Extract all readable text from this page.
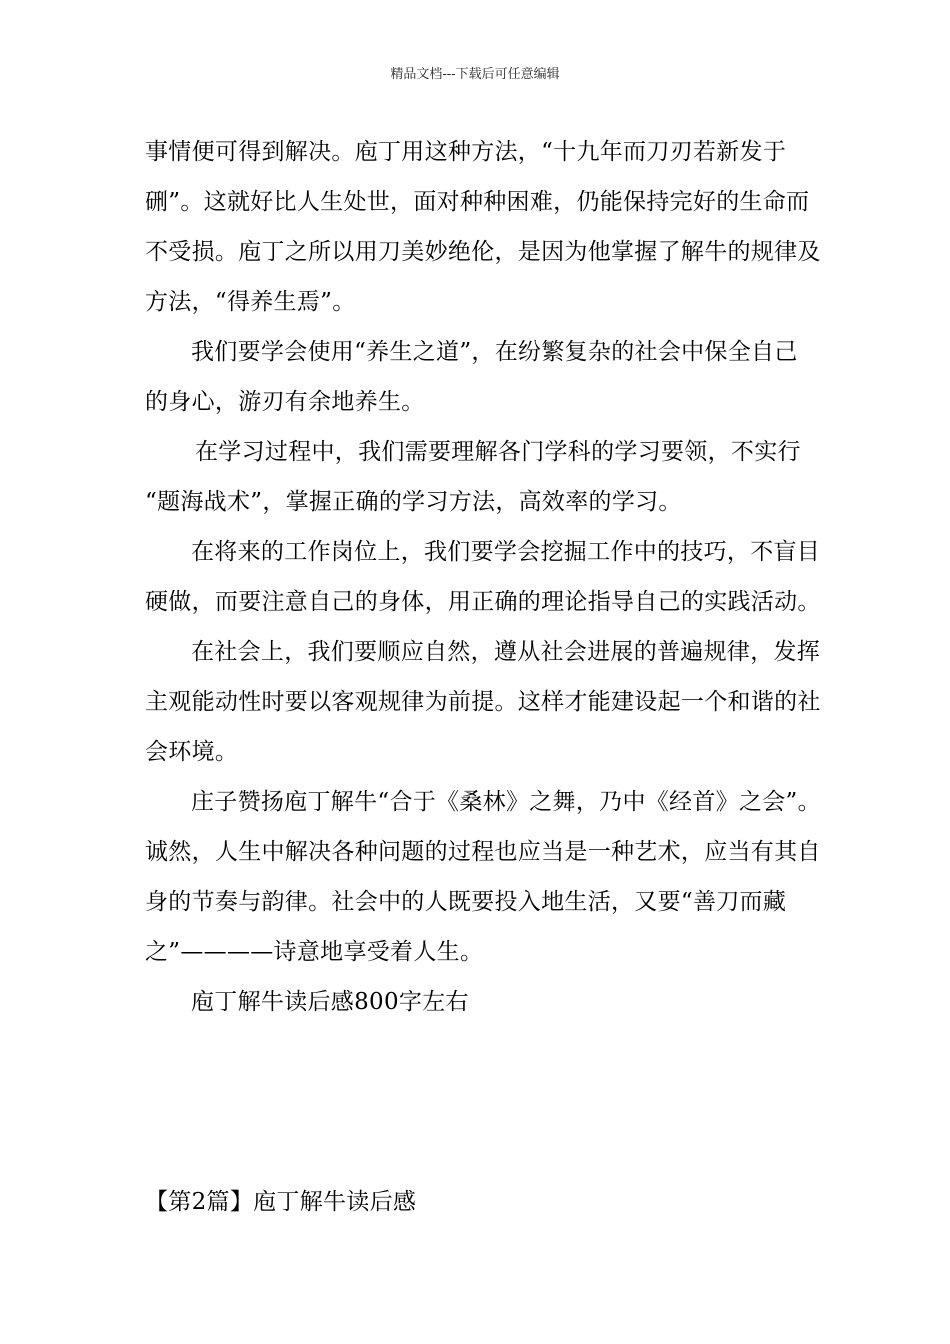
精品文档---下载后可任意编辑

事情便可得到解决。庖丁用这种方法，“十九年而刀刃若新发于

硎”。这就好比人生处世，面对种种困难，仍能保持完好的生命而

不受损。庖丁之所以用刀美妙绝伦，是因为他掌握了解牛的规律及

方法，“得养生焉”。

我们要学会使用“养生之道”，在纷繁复杂的社会中保全自己

的身心，游刃有余地养生。

在学习过程中，我们需要理解各门学科的学习要领，不实行

“题海战术”，掌握正确的学习方法，高效率的学习。

在将来的工作岗位上，我们要学会挖掘工作中的技巧，不盲目

硬做，而要注意自己的身体，用正确的理论指导自己的实践活动。

在社会上，我们要顺应自然，遵从社会进展的普遍规律，发挥

主观能动性时要以客观规律为前提。这样才能建设起一个和谐的社

会环境。

庄子赞扬庖丁解牛“合于《桑林》之舞，乃中《经首》之会”。

诚然，人生中解决各种问题的过程也应当是一种艺术，应当有其自

身的节奏与韵律。社会中的人既要投入地生活，又要“善刀而藏

之”————诗意地享受着人生。

庖丁解牛读后感800字左右

【第2篇】庖丁解牛读后感
